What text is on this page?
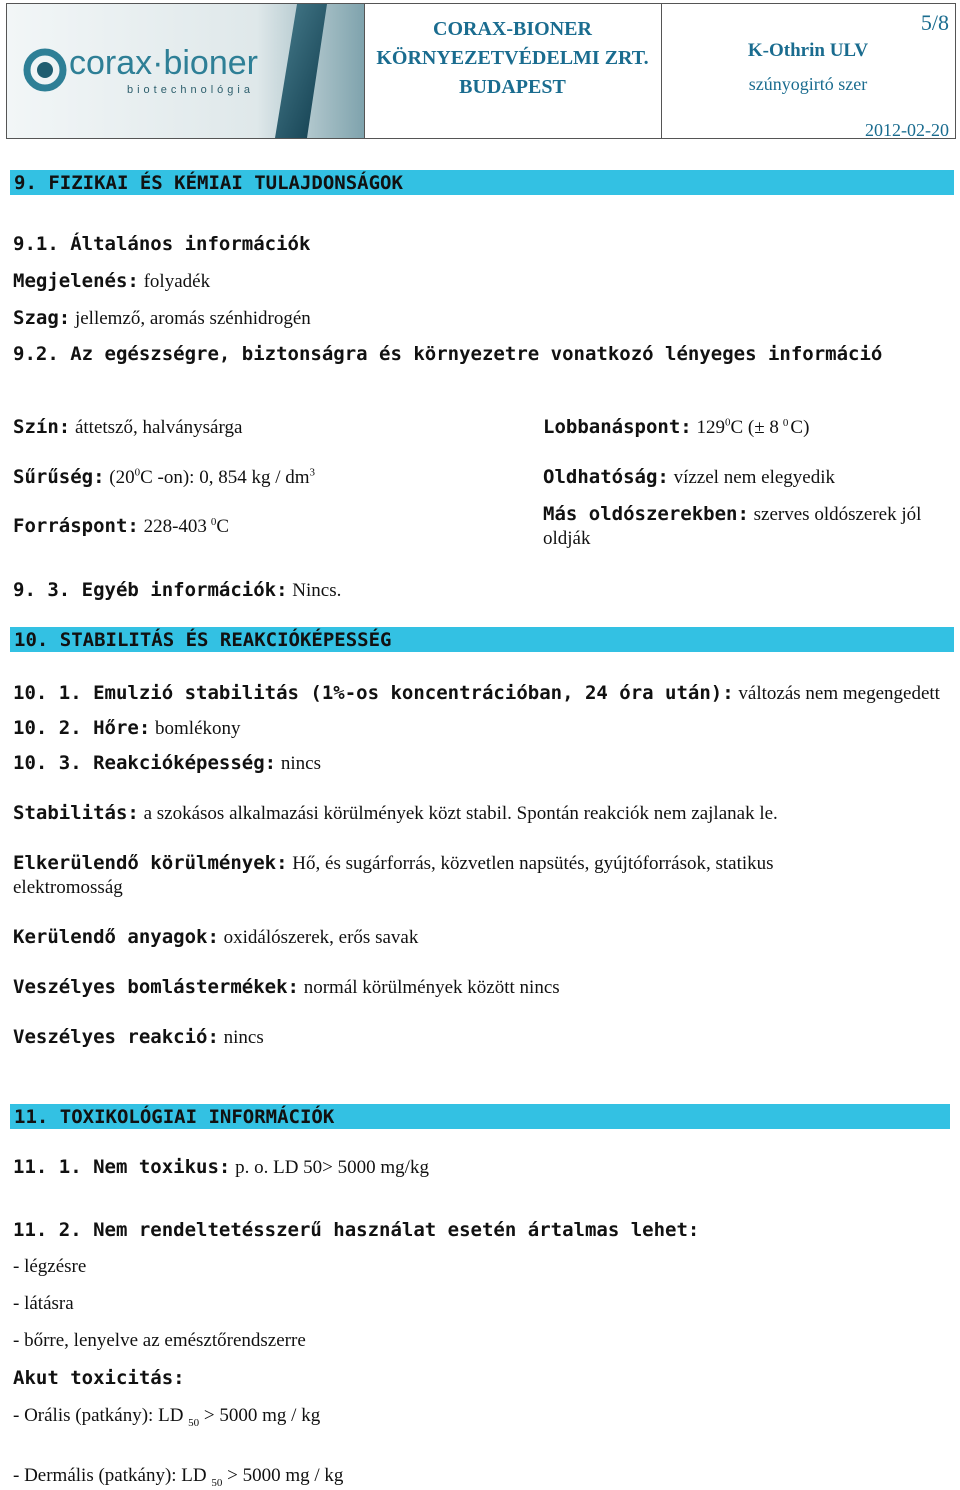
corax·bioner
biotechnológia
CORAX-BIONER
KÖRNYEZETVÉDELMI ZRT.
BUDAPEST
5/8
K-Othrin ULV
szúnyogirtó szer
2012-02-20
9. FIZIKAI ÉS KÉMIAI TULAJDONSÁGOK
9.1. Általános információk
Megjelenés: folyadék
Szag: jellemző, aromás szénhidrogén
9.2. Az egészségre, biztonságra és környezetre vonatkozó lényeges információ
Szín: áttetsző, halványsárga	Lobbanáspont: $129^0C$ (± 8 $^0$ C)
Sűrűség: ($20^0C$ -on): 0, 854 kg / $dm^3$	Oldhatóság: vízzel nem elegyedik
Forráspont: 228-403 $^0$C
Más oldószerekben: szerves oldószerek jól
oldják
9. 3. Egyéb információk: Nincs.
10. STABILITÁS ÉS REAKCIÓKÉPESSÉG
10. 1. Emulzió stabilitás (1%-os koncentrációban, 24 óra után): változás nem megengedett
10. 2. Hőre: bomlékony
10. 3. Reakcióképesség: nincs
Stabilitás: a szokásos alkalmazási körülmények közt stabil. Spontán reakciók nem zajlanak le.
Elkerülendő körülmények: Hő, és sugárforrás, közvetlen napsütés, gyújtóforrások, statikus
elektromosság
Kerülendő anyagok: oxidálószerek, erős savak
Veszélyes bomlástermékek: normál körülmények között nincs
Veszélyes reakció: nincs
11. TOXIKOLÓGIAI INFORMÁCIÓK
11. 1. Nem toxikus: p. o. LD 50> 5000 mg/kg
11. 2. Nem rendeltetésszerű használat esetén ártalmas lehet:
- légzésre
- látásra
- bőrre, lenyelve az emésztőrendszerre
Akut toxicitás:
- Orális (patkány): LD $_{50}$ > 5000 mg / kg
- Dermális (patkány): LD $_{50}$ > 5000 mg / kg
